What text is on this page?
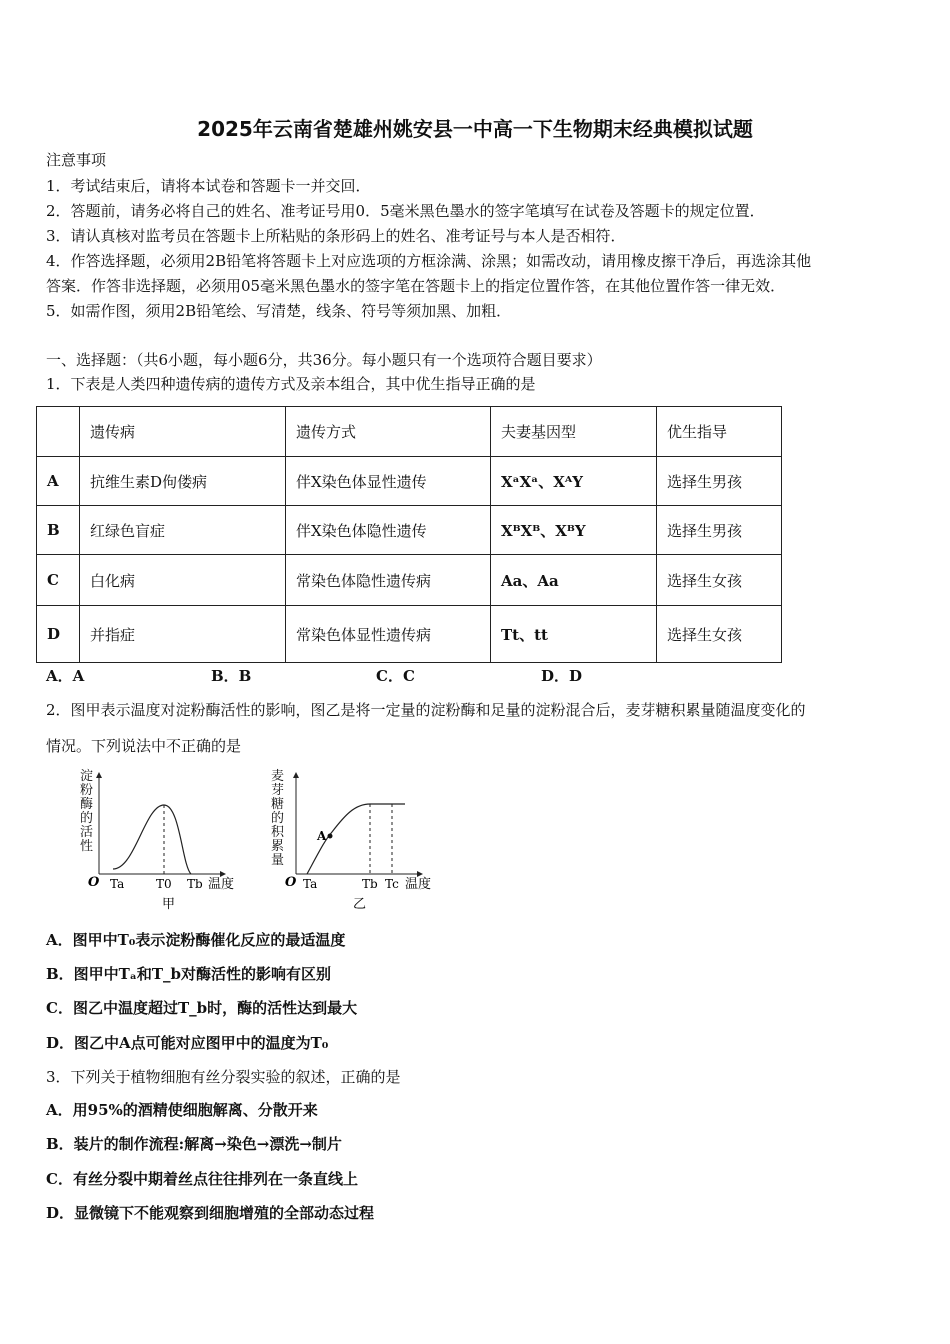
2025年云南省楚雄州姚安县一中高一下生物期末经典模拟试题
注意事项
1．考试结束后，请将本试卷和答题卡一并交回．
2．答题前，请务必将自己的姓名、准考证号用0．5毫米黑色墨水的签字笔填写在试卷及答题卡的规定位置．
3．请认真核对监考员在答题卡上所粘贴的条形码上的姓名、准考证号与本人是否相符．
4．作答选择题，必须用2B铅笔将答题卡上对应选项的方框涂满、涂黑；如需改动，请用橡皮擦干净后，再选涂其他
答案．作答非选择题，必须用05毫米黑色墨水的签字笔在答题卡上的指定位置作答，在其他位置作答一律无效．
5．如需作图，须用2B铅笔绘、写清楚，线条、符号等须加黑、加粗．
一、选择题：（共6小题，每小题6分，共36分。每小题只有一个选项符合题目要求）
1．下表是人类四种遗传病的遗传方式及亲本组合，其中优生指导正确的是
	遗传病	遗传方式	夫妻基因型	优生指导
A	抗维生素D佝偻病	伴X染色体显性遗传	XᵃXᵃ、XᴬY	选择生男孩
B	红绿色盲症	伴X染色体隐性遗传	XᴮXᴮ、XᴮY	选择生男孩
C	白化病	常染色体隐性遗传病	Aa、Aa	选择生女孩
D	并指症	常染色体显性遗传病	Tt、tt	选择生女孩
A．A	B．B	C．C	D．D
2．图甲表示温度对淀粉酶活性的影响，图乙是将一定量的淀粉酶和足量的淀粉混合后，麦芽糖积累量随温度变化的
情况。下列说法中不正确的是
O Ta	T0 Tb 温度
甲
A
O Ta	Tb Tc 温度
乙
淀粉酶的活性
麦芽糖的积累量
A．图甲中T₀表示淀粉酶催化反应的最适温度
B．图甲中Tₐ和T_b对酶活性的影响有区别
C．图乙中温度超过T_b时，酶的活性达到最大
D．图乙中A点可能对应图甲中的温度为T₀
3．下列关于植物细胞有丝分裂实验的叙述，正确的是
A．用95%的酒精使细胞解离、分散开来
B．装片的制作流程:解离→染色→漂洗→制片
C．有丝分裂中期着丝点往往排列在一条直线上
D．显微镜下不能观察到细胞增殖的全部动态过程
